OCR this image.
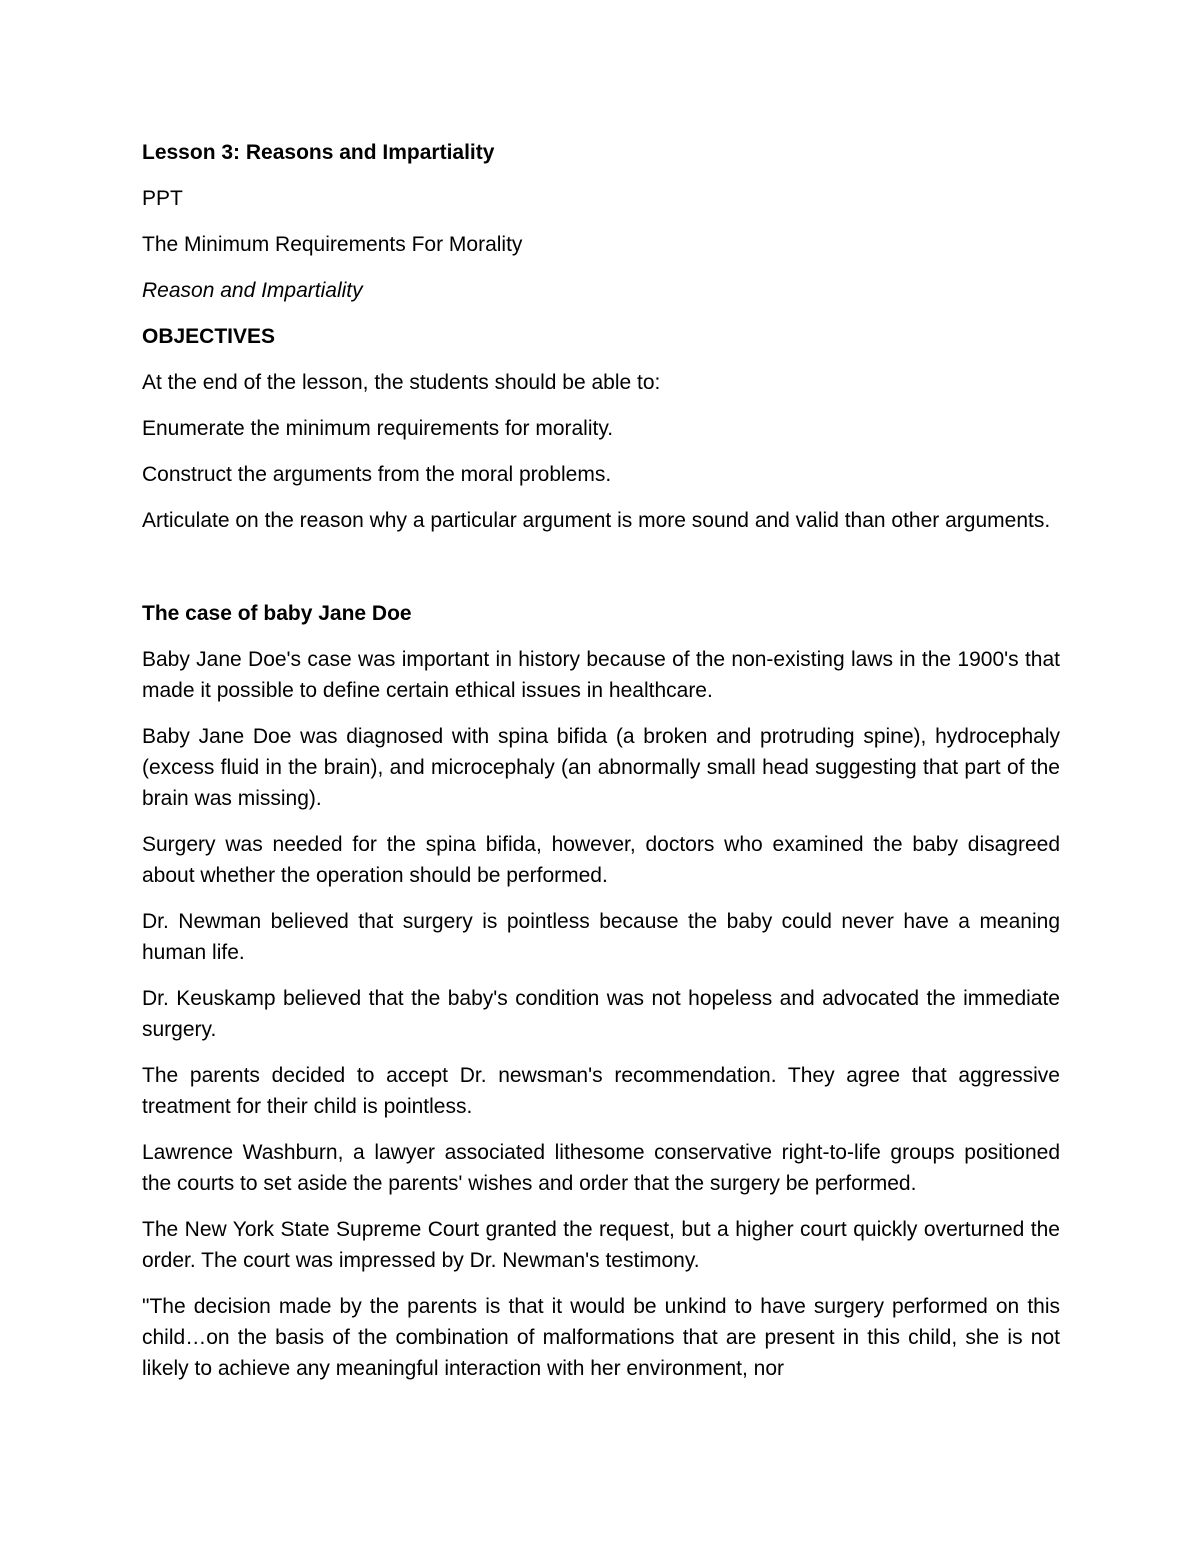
Lesson 3: Reasons and Impartiality
PPT
The Minimum Requirements For Morality
Reason and Impartiality
OBJECTIVES
At the end of the lesson, the students should be able to:
Enumerate the minimum requirements for morality.
Construct the arguments from the moral problems.
Articulate on the reason why a particular argument is more sound and valid than other arguments.
The case of baby Jane Doe
Baby Jane Doe's case was important in history because of the non-existing laws in the 1900's that made it possible to define certain ethical issues in healthcare.
Baby Jane Doe was diagnosed with spina bifida (a broken and protruding spine), hydrocephaly (excess fluid in the brain), and microcephaly (an abnormally small head suggesting that part of the brain was missing).
Surgery was needed for the spina bifida, however, doctors who examined the baby disagreed about whether the operation should be performed.
Dr. Newman believed that surgery is pointless because the baby could never have a meaning human life.
Dr. Keuskamp believed that the baby's condition was not hopeless and advocated the immediate surgery.
The parents decided to accept Dr. newsman's recommendation. They agree that aggressive treatment for their child is pointless.
Lawrence Washburn, a lawyer associated lithesome conservative right-to-life groups positioned the courts to set aside the parents' wishes and order that the surgery be performed.
The New York State Supreme Court granted the request, but a higher court quickly overturned the order. The court was impressed by Dr. Newman's testimony.
"The decision made by the parents is that it would be unkind to have surgery performed on this child…on the basis of the combination of malformations that are present in this child, she is not likely to achieve any meaningful interaction with her environment, nor
